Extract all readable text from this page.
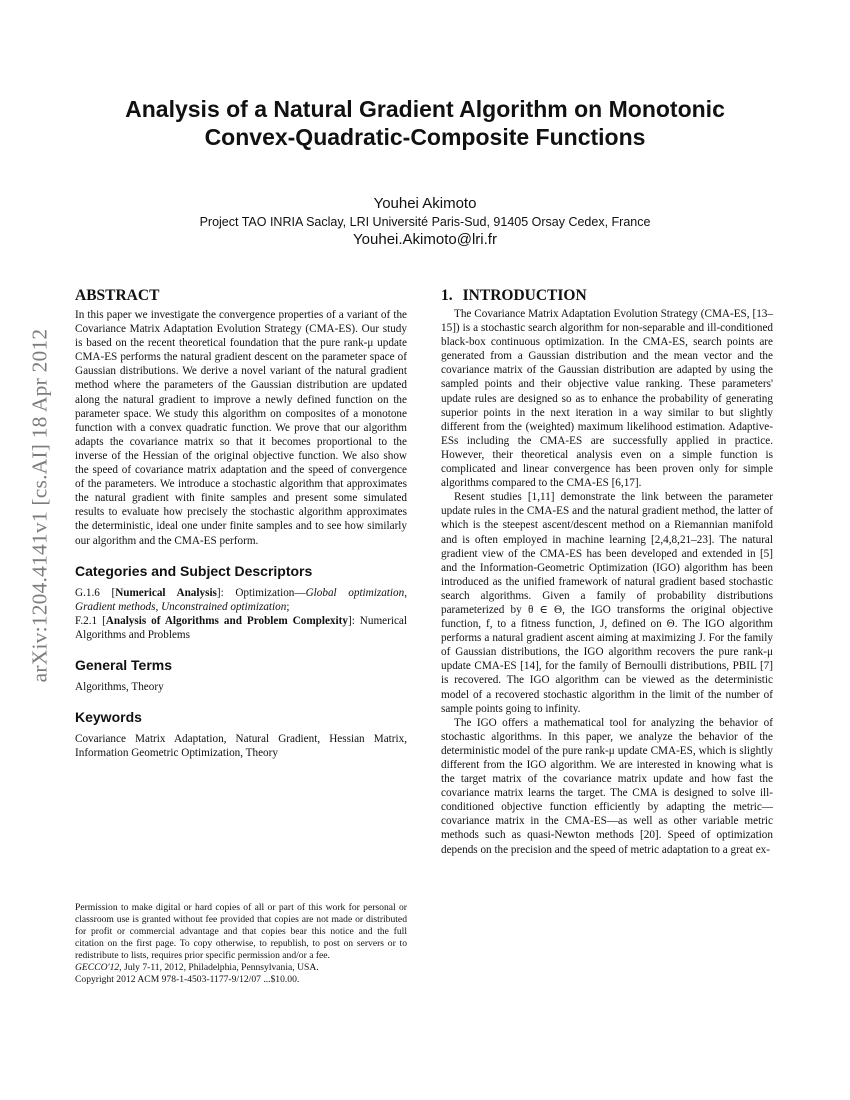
arXiv:1204.4141v1 [cs.AI] 18 Apr 2012
Analysis of a Natural Gradient Algorithm on Monotonic
Convex-Quadratic-Composite Functions
Youhei Akimoto
Project TAO INRIA Saclay, LRI Université Paris-Sud, 91405 Orsay Cedex, France
Youhei.Akimoto@lri.fr
ABSTRACT

In this paper we investigate the convergence properties of a variant of the Covariance Matrix Adaptation Evolution Strategy (CMA-ES). Our study is based on the recent theoretical foundation that the pure rank-μ update CMA-ES performs the natural gradient descent on the parameter space of Gaussian distributions. We derive a novel variant of the natural gradient method where the parameters of the Gaussian distribution are updated along the natural gradient to improve a newly defined function on the parameter space. We study this algorithm on composites of a monotone function with a convex quadratic function. We prove that our algorithm adapts the covariance matrix so that it becomes proportional to the inverse of the Hessian of the original objective function. We also show the speed of covariance matrix adaptation and the speed of convergence of the parameters. We introduce a stochastic algorithm that approximates the natural gradient with finite samples and present some simulated results to evaluate how precisely the stochastic algorithm approximates the deterministic, ideal one under finite samples and to see how similarly our algorithm and the CMA-ES perform.

Categories and Subject Descriptors

G.1.6 [Numerical Analysis]: Optimization—Global optimization, Gradient methods, Unconstrained optimization;
F.2.1 [Analysis of Algorithms and Problem Complexity]: Numerical Algorithms and Problems

General Terms

Algorithms, Theory

Keywords

Covariance Matrix Adaptation, Natural Gradient, Hessian Matrix, Information Geometric Optimization, Theory

Permission to make digital or hard copies of all or part of this work for personal or classroom use is granted without fee provided that copies are not made or distributed for profit or commercial advantage and that copies bear this notice and the full citation on the first page. To copy otherwise, to republish, to post on servers or to redistribute to lists, requires prior specific permission and/or a fee.

GECCO'12, July 7-11, 2012, Philadelphia, Pennsylvania, USA.

Copyright 2012 ACM 978-1-4503-1177-9/12/07 ...$10.00.

1. INTRODUCTION

The Covariance Matrix Adaptation Evolution Strategy (CMA-ES, [13–15]) is a stochastic search algorithm for non-separable and ill-conditioned black-box continuous optimization. In the CMA-ES, search points are generated from a Gaussian distribution and the mean vector and the covariance matrix of the Gaussian distribution are adapted by using the sampled points and their objective value ranking. These parameters' update rules are designed so as to enhance the probability of generating superior points in the next iteration in a way similar to but slightly different from the (weighted) maximum likelihood estimation. Adaptive-ESs including the CMA-ES are successfully applied in practice. However, their theoretical analysis even on a simple function is complicated and linear convergence has been proven only for simple algorithms compared to the CMA-ES [6,17].

Resent studies [1,11] demonstrate the link between the parameter update rules in the CMA-ES and the natural gradient method, the latter of which is the steepest ascent/descent method on a Riemannian manifold and is often employed in machine learning [2,4,8,21–23]. The natural gradient view of the CMA-ES has been developed and extended in [5] and the Information-Geometric Optimization (IGO) algorithm has been introduced as the unified framework of natural gradient based stochastic search algorithms. Given a family of probability distributions parameterized by θ ∈ Θ, the IGO transforms the original objective function, f, to a fitness function, J, defined on Θ. The IGO algorithm performs a natural gradient ascent aiming at maximizing J. For the family of Gaussian distributions, the IGO algorithm recovers the pure rank-μ update CMA-ES [14], for the family of Bernoulli distributions, PBIL [7] is recovered. The IGO algorithm can be viewed as the deterministic model of a recovered stochastic algorithm in the limit of the number of sample points going to infinity.

The IGO offers a mathematical tool for analyzing the behavior of stochastic algorithms. In this paper, we analyze the behavior of the deterministic model of the pure rank-μ update CMA-ES, which is slightly different from the IGO algorithm. We are interested in knowing what is the target matrix of the covariance matrix update and how fast the covariance matrix learns the target. The CMA is designed to solve ill-conditioned objective function efficiently by adapting the metric—covariance matrix in the CMA-ES—as well as other variable metric methods such as quasi-Newton methods [20]. Speed of optimization depends on the precision and the speed of metric adaptation to a great ex-
